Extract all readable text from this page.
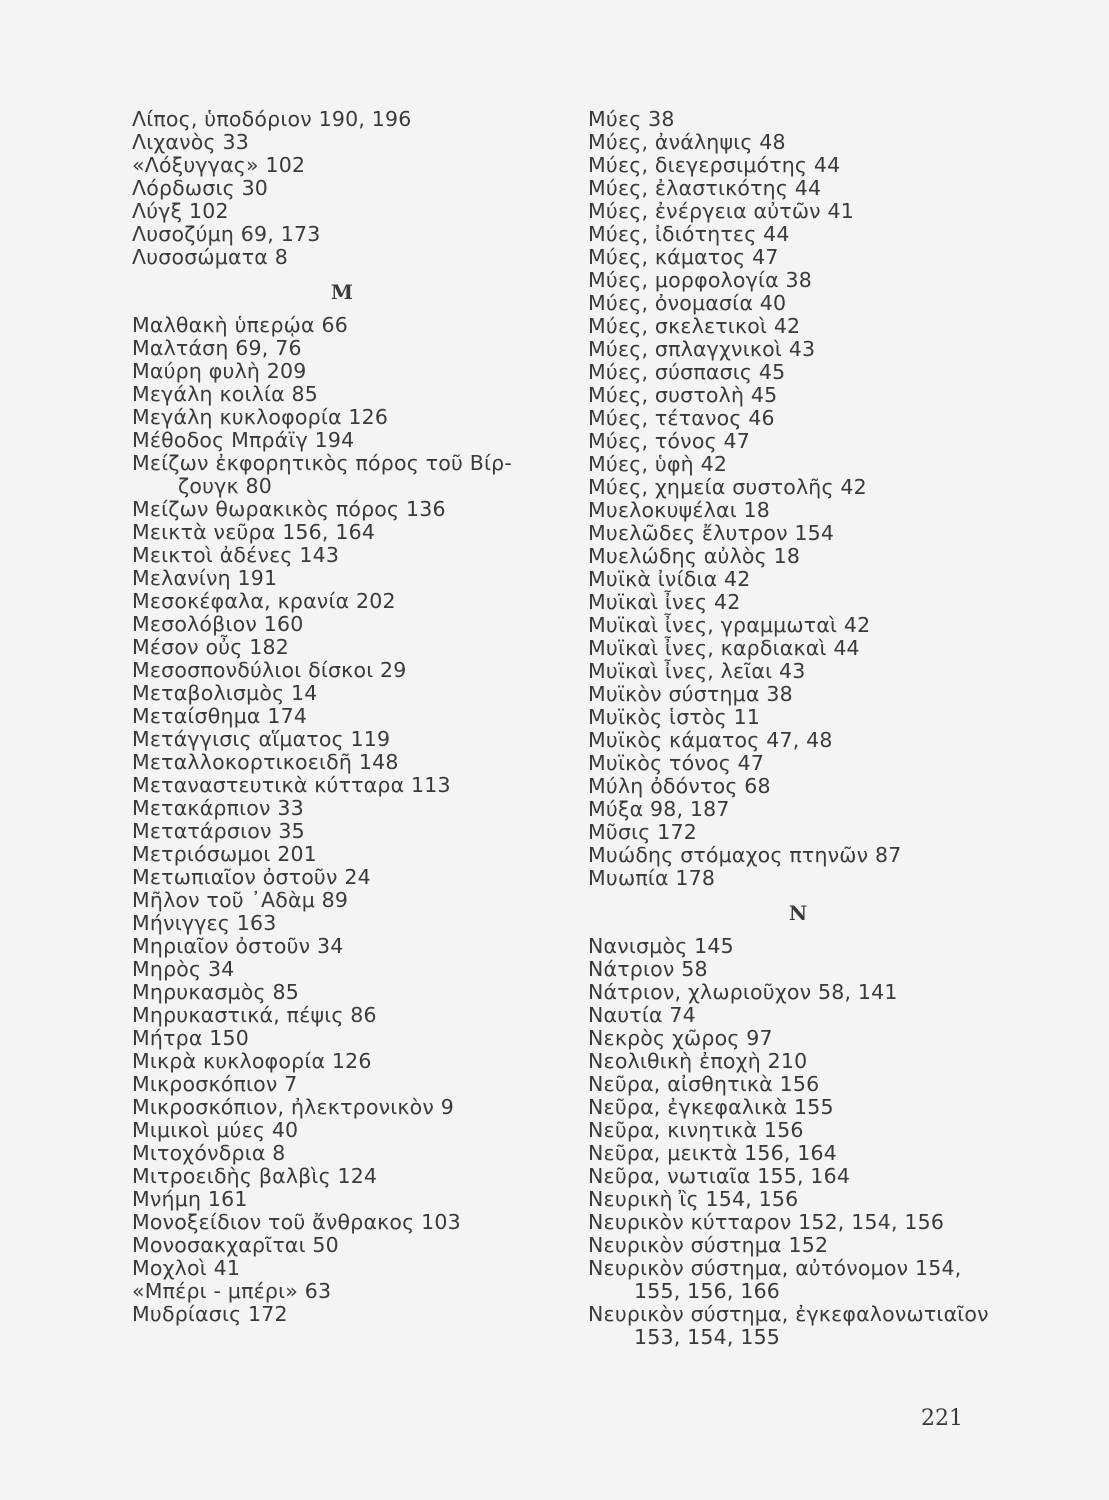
Λίπος, ὑποδόριον 190, 196
Λιχανὸς 33
«Λόξυγγας» 102
Λόρδωσις 30
Λύγξ 102
Λυσοζύμη 69, 173
Λυσοσώματα 8
Μ
Μαλθακὴ ὑπερῴα 66
Μαλτάση 69, 76
Μαύρη φυλὴ 209
Μεγάλη κοιλία 85
Μεγάλη κυκλοφορία 126
Μέθοδος Μπράϊγ 194
Μείζων ἐκφορητικὸς πόρος τοῦ Βίρ-
ζουγκ 80
Μείζων θωρακικὸς πόρος 136
Μεικτὰ νεῦρα 156, 164
Μεικτοὶ ἀδένες 143
Μελανίνη 191
Μεσοκέφαλα, κρανία 202
Μεσολόβιον 160
Μέσον οὖς 182
Μεσοσπονδύλιοι δίσκοι 29
Μεταβολισμὸς 14
Μεταίσθημα 174
Μετάγγισις αἵματος 119
Μεταλλοκορτικοειδῆ 148
Μεταναστευτικὰ κύτταρα 113
Μετακάρπιον 33
Μετατάρσιον 35
Μετριόσωμοι 201
Μετωπιαῖον ὀστοῦν 24
Μῆλον τοῦ ᾿Αδὰμ 89
Μήνιγγες 163
Μηριαῖον ὀστοῦν 34
Μηρὸς 34
Μηρυκασμὸς 85
Μηρυκαστικά, πέψις 86
Μήτρα 150
Μικρὰ κυκλοφορία 126
Μικροσκόπιον 7
Μικροσκόπιον, ἠλεκτρονικὸν 9
Μιμικοὶ μύες 40
Μιτοχόνδρια 8
Μιτροειδὴς βαλβὶς 124
Μνήμη 161
Μονοξείδιον τοῦ ἄνθρακος 103
Μονοσακχαρῖται 50
Μοχλοὶ 41
«Μπέρι - μπέρι» 63
Μυδρίασις 172
Μύες 38
Μύες, ἀνάληψις 48
Μύες, διεγερσιμότης 44
Μύες, ἐλαστικότης 44
Μύες, ἐνέργεια αὐτῶν 41
Μύες, ἰδιότητες 44
Μύες, κάματος 47
Μύες, μορφολογία 38
Μύες, ὀνομασία 40
Μύες, σκελετικοὶ 42
Μύες, σπλαγχνικοὶ 43
Μύες, σύσπασις 45
Μύες, συστολὴ 45
Μύες, τέτανος 46
Μύες, τόνος 47
Μύες, ὑφὴ 42
Μύες, χημεία συστολῆς 42
Μυελοκυψέλαι 18
Μυελῶδες ἔλυτρον 154
Μυελώδης αὐλὸς 18
Μυϊκὰ ἰνίδια 42
Μυϊκαὶ ἶνες 42
Μυϊκαὶ ἶνες, γραμμωταὶ 42
Μυϊκαὶ ἶνες, καρδιακαὶ 44
Μυϊκαὶ ἶνες, λεῖαι 43
Μυϊκὸν σύστημα 38
Μυϊκὸς ἱστὸς 11
Μυϊκὸς κάματος 47, 48
Μυϊκὸς τόνος 47
Μύλη ὀδόντος 68
Μύξα 98, 187
Μῦσις 172
Μυώδης στόμαχος πτηνῶν 87
Μυωπία 178
Ν
Νανισμὸς 145
Νάτριον 58
Νάτριον, χλωριοῦχον 58, 141
Ναυτία 74
Νεκρὸς χῶρος 97
Νεολιθικὴ ἐποχὴ 210
Νεῦρα, αἰσθητικὰ 156
Νεῦρα, ἐγκεφαλικὰ 155
Νεῦρα, κινητικὰ 156
Νεῦρα, μεικτὰ 156, 164
Νεῦρα, νωτιαῖα 155, 164
Νευρικὴ ἲς 154, 156
Νευρικὸν κύτταρον 152, 154, 156
Νευρικὸν σύστημα 152
Νευρικὸν σύστημα, αὐτόνομον 154,
155, 156, 166
Νευρικὸν σύστημα, ἐγκεφαλονωτιαῖον
153, 154, 155
221
